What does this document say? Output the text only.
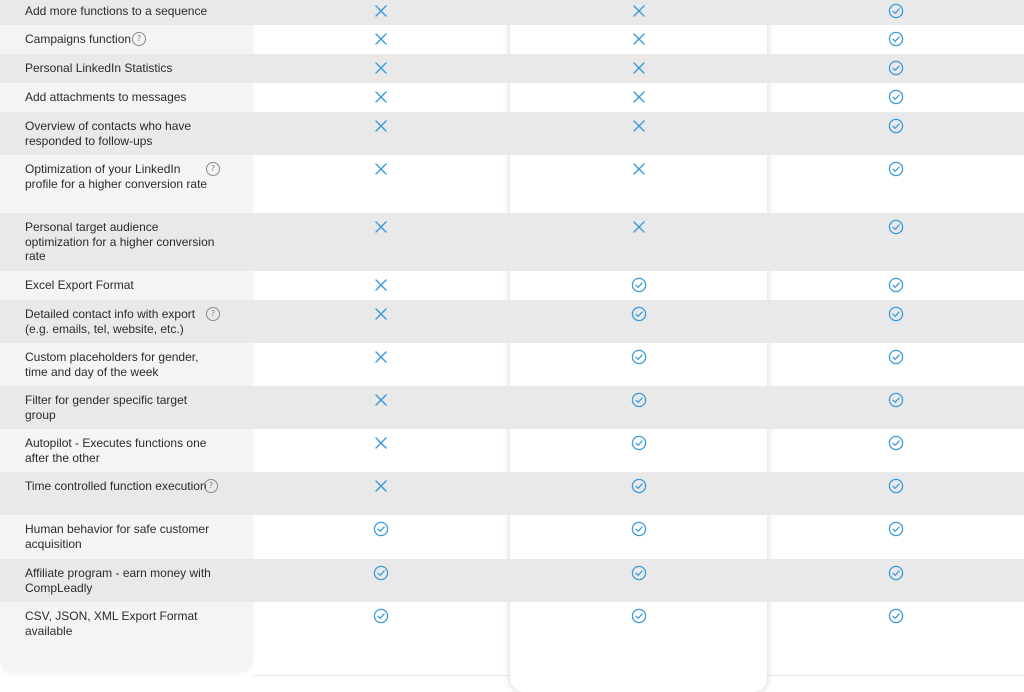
Add more functions to a sequence
Campaigns function ?
Personal LinkedIn Statistics
Add attachments to messages
Overview of contacts who have responded to follow-ups
Optimization of your LinkedIn profile for a higher conversion rate
?
Personal target audience optimization for a higher conversion rate
Excel Export Format
Detailed contact info with export (e.g. emails, tel, website, etc.)
?
Custom placeholders for gender, time and day of the week
Filter for gender specific target group
Autopilot - Executes functions one after the other
Time controlled function execution ?
Human behavior for safe customer acquisition
Affiliate program - earn money with CompLeadly
CSV, JSON, XML Export Format available
